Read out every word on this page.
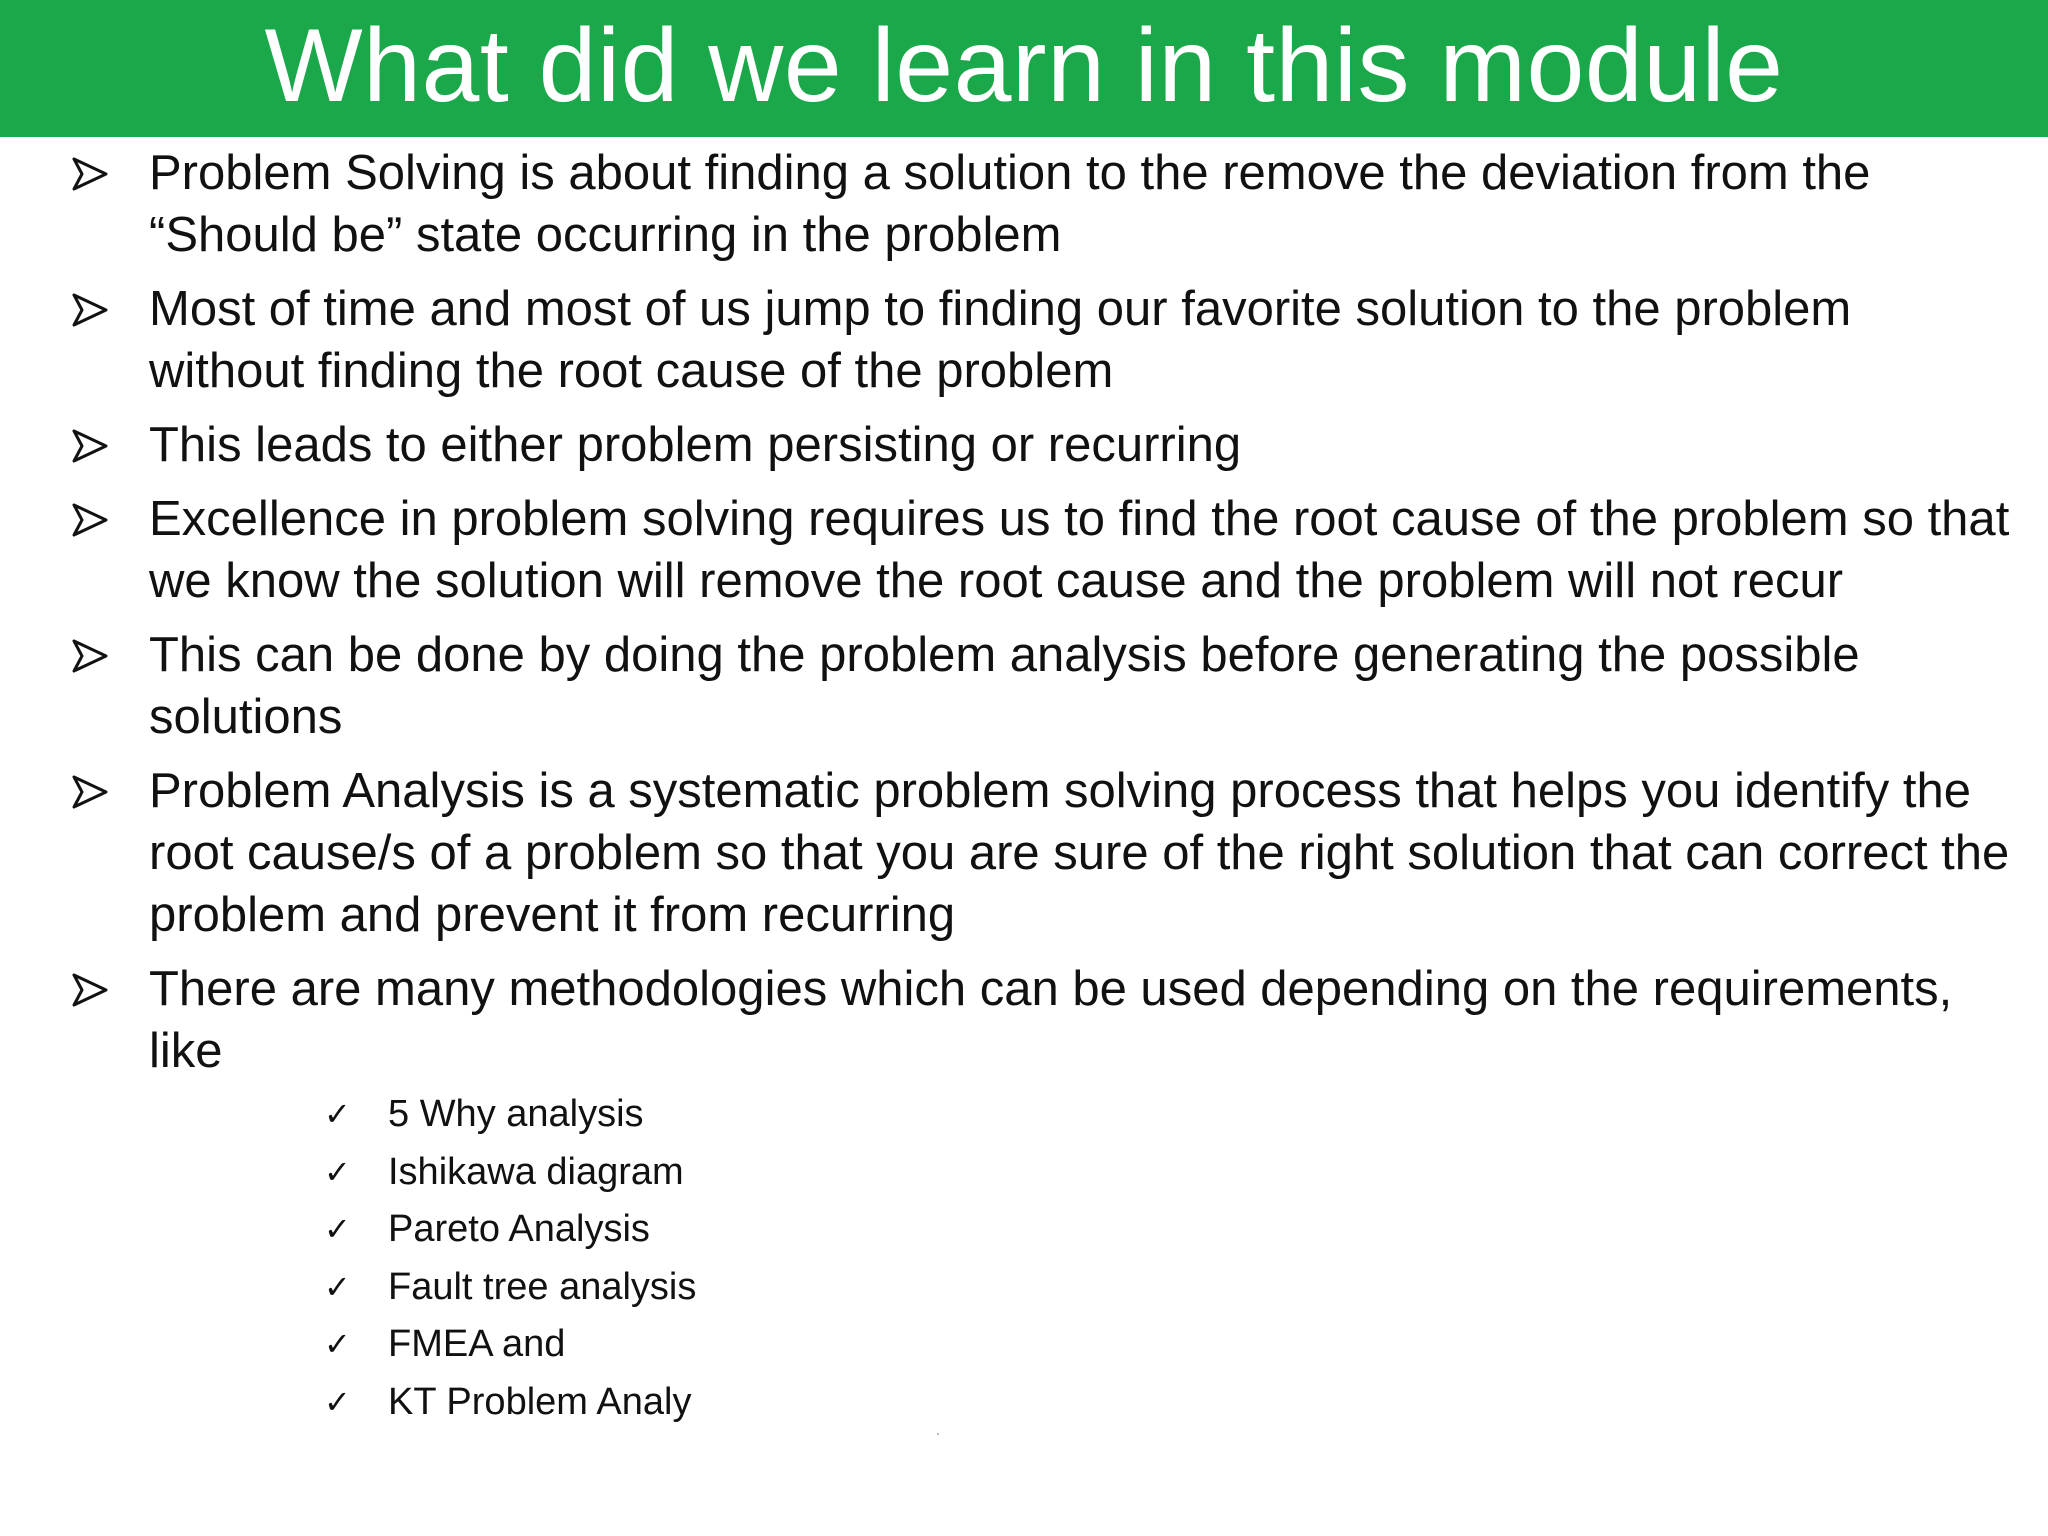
What did we learn in this module
Problem Solving is about finding a solution to the remove the deviation from the “Should be” state occurring in the problem
Most of time and most of us jump to finding our favorite solution to the problem without finding the root cause of the problem
This leads to either problem persisting or recurring
Excellence in problem solving requires us to find the root cause of the problem so that we know the solution will remove the root cause and the problem will not recur
This can be done by doing the problem analysis before generating the possible solutions
Problem Analysis is a systematic problem solving process that helps you identify the root cause/s of a problem so that you are sure of the right solution that can correct the problem and prevent it from recurring
There are many methodologies which can be used depending on the requirements, like
✓ 5 Why analysis
✓ Ishikawa diagram
✓ Pareto Analysis
✓ Fault tree analysis
✓ FMEA and
✓ KT Problem Analy
